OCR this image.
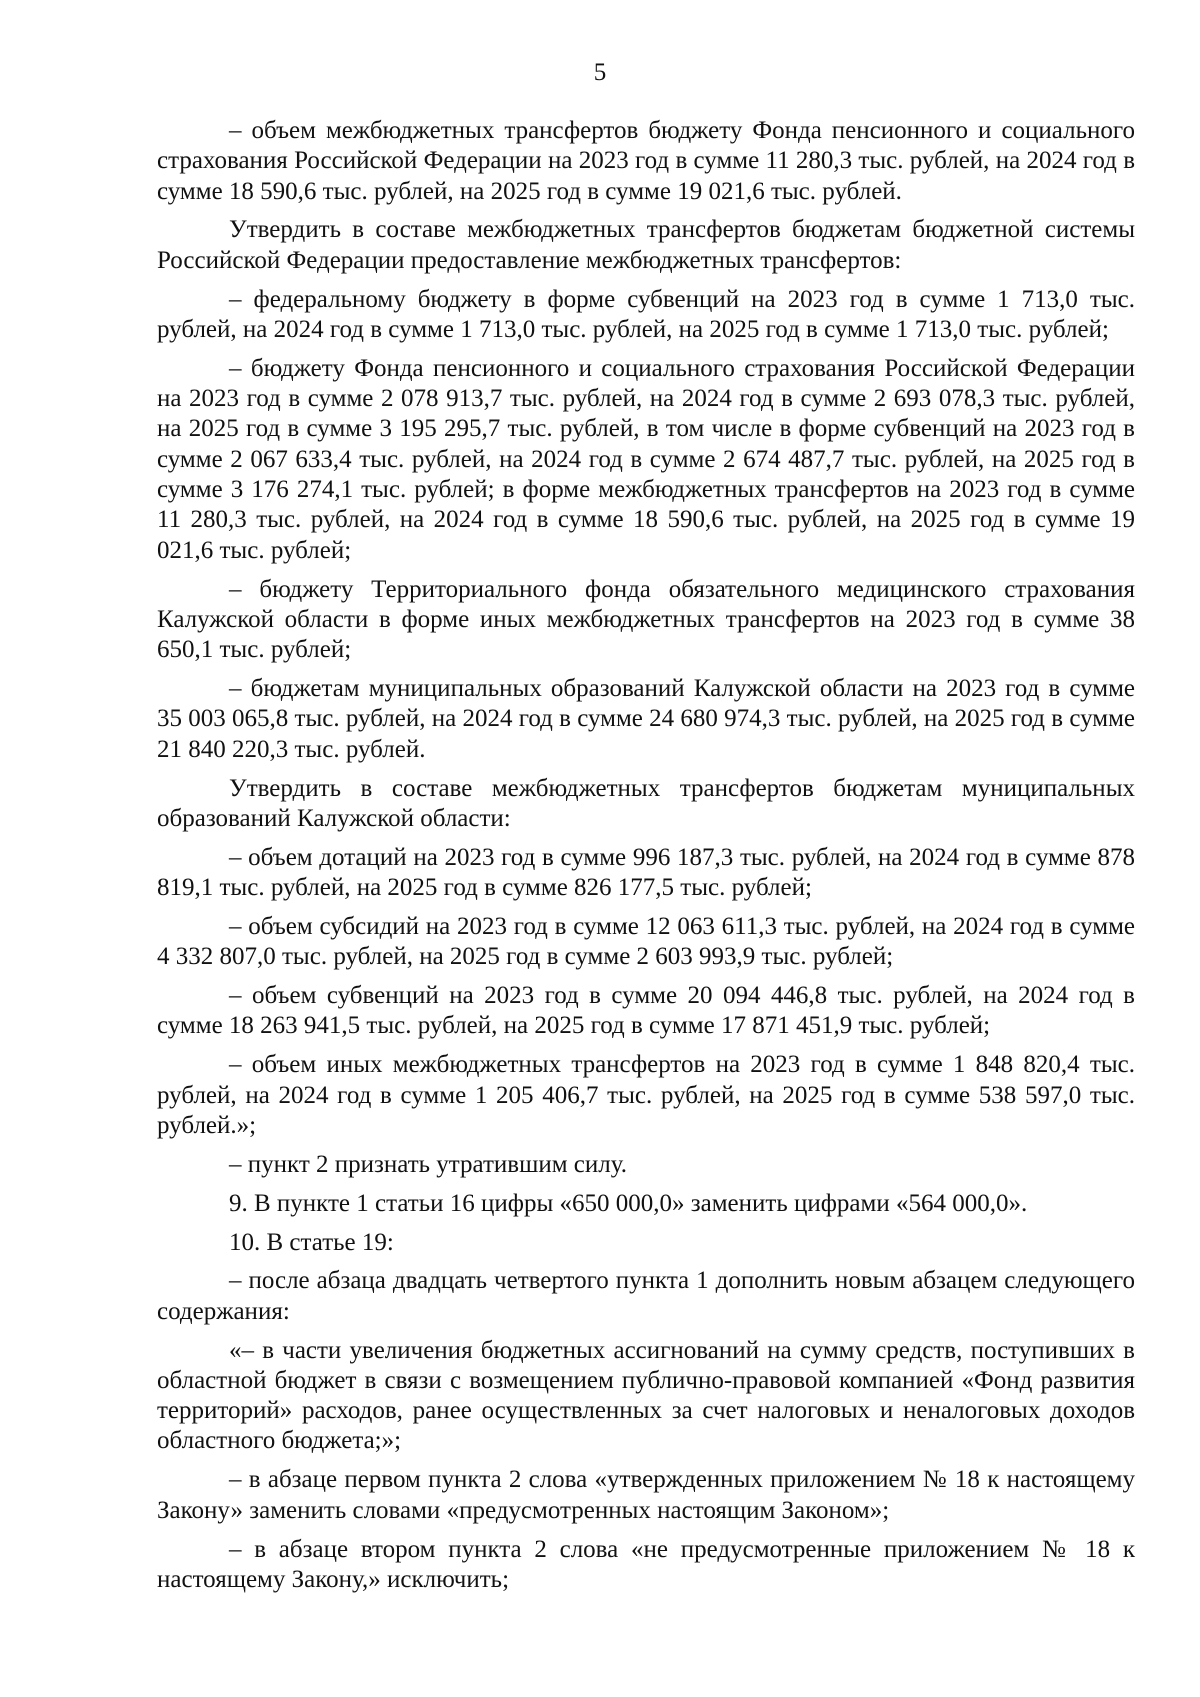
5

– объем межбюджетных трансфертов бюджету Фонда пенсионного и социального страхования Российской Федерации на 2023 год в сумме 11 280,3 тыс. рублей, на 2024 год в сумме 18 590,6 тыс. рублей, на 2025 год в сумме 19 021,6 тыс. рублей.

Утвердить в составе межбюджетных трансфертов бюджетам бюджетной системы Российской Федерации предоставление межбюджетных трансфертов:

– федеральному бюджету в форме субвенций на 2023 год в сумме 1 713,0 тыс. рублей, на 2024 год в сумме 1 713,0 тыс. рублей, на 2025 год в сумме 1 713,0 тыс. рублей;

– бюджету Фонда пенсионного и социального страхования Российской Федерации на 2023 год в сумме 2 078 913,7 тыс. рублей, на 2024 год в сумме 2 693 078,3 тыс. рублей, на 2025 год в сумме 3 195 295,7 тыс. рублей, в том числе в форме субвенций на 2023 год в сумме 2 067 633,4 тыс. рублей, на 2024 год в сумме 2 674 487,7 тыс. рублей, на 2025 год в сумме 3 176 274,1 тыс. рублей; в форме межбюджетных трансфертов на 2023 год в сумме 11 280,3 тыс. рублей, на 2024 год в сумме 18 590,6 тыс. рублей, на 2025 год в сумме 19 021,6 тыс. рублей;

– бюджету Территориального фонда обязательного медицинского страхования Калужской области в форме иных межбюджетных трансфертов на 2023 год в сумме 38 650,1 тыс. рублей;

– бюджетам муниципальных образований Калужской области на 2023 год в сумме 35 003 065,8 тыс. рублей, на 2024 год в сумме 24 680 974,3 тыс. рублей, на 2025 год в сумме 21 840 220,3 тыс. рублей.

Утвердить в составе межбюджетных трансфертов бюджетам муниципальных образований Калужской области:

– объем дотаций на 2023 год в сумме 996 187,3 тыс. рублей, на 2024 год в сумме 878 819,1 тыс. рублей, на 2025 год в сумме 826 177,5 тыс. рублей;

– объем субсидий на 2023 год в сумме 12 063 611,3 тыс. рублей, на 2024 год в сумме 4 332 807,0 тыс. рублей, на 2025 год в сумме 2 603 993,9 тыс. рублей;

– объем субвенций на 2023 год в сумме 20 094 446,8 тыс. рублей, на 2024 год в сумме 18 263 941,5 тыс. рублей, на 2025 год в сумме 17 871 451,9 тыс. рублей;

– объем иных межбюджетных трансфертов на 2023 год в сумме 1 848 820,4 тыс. рублей, на 2024 год в сумме 1 205 406,7 тыс. рублей, на 2025 год в сумме 538 597,0 тыс. рублей.»;

– пункт 2 признать утратившим силу.

9. В пункте 1 статьи 16 цифры «650 000,0» заменить цифрами «564 000,0».

10. В статье 19:

– после абзаца двадцать четвертого пункта 1 дополнить новым абзацем следующего содержания:

«– в части увеличения бюджетных ассигнований на сумму средств, поступивших в областной бюджет в связи с возмещением публично-правовой компанией «Фонд развития территорий» расходов, ранее осуществленных за счет налоговых и неналоговых доходов областного бюджета;»;

– в абзаце первом пункта 2 слова «утвержденных приложением № 18 к настоящему Закону» заменить словами «предусмотренных настоящим Законом»;

– в абзаце втором пункта 2 слова «не предусмотренные приложением № 18 к настоящему Закону,» исключить;
